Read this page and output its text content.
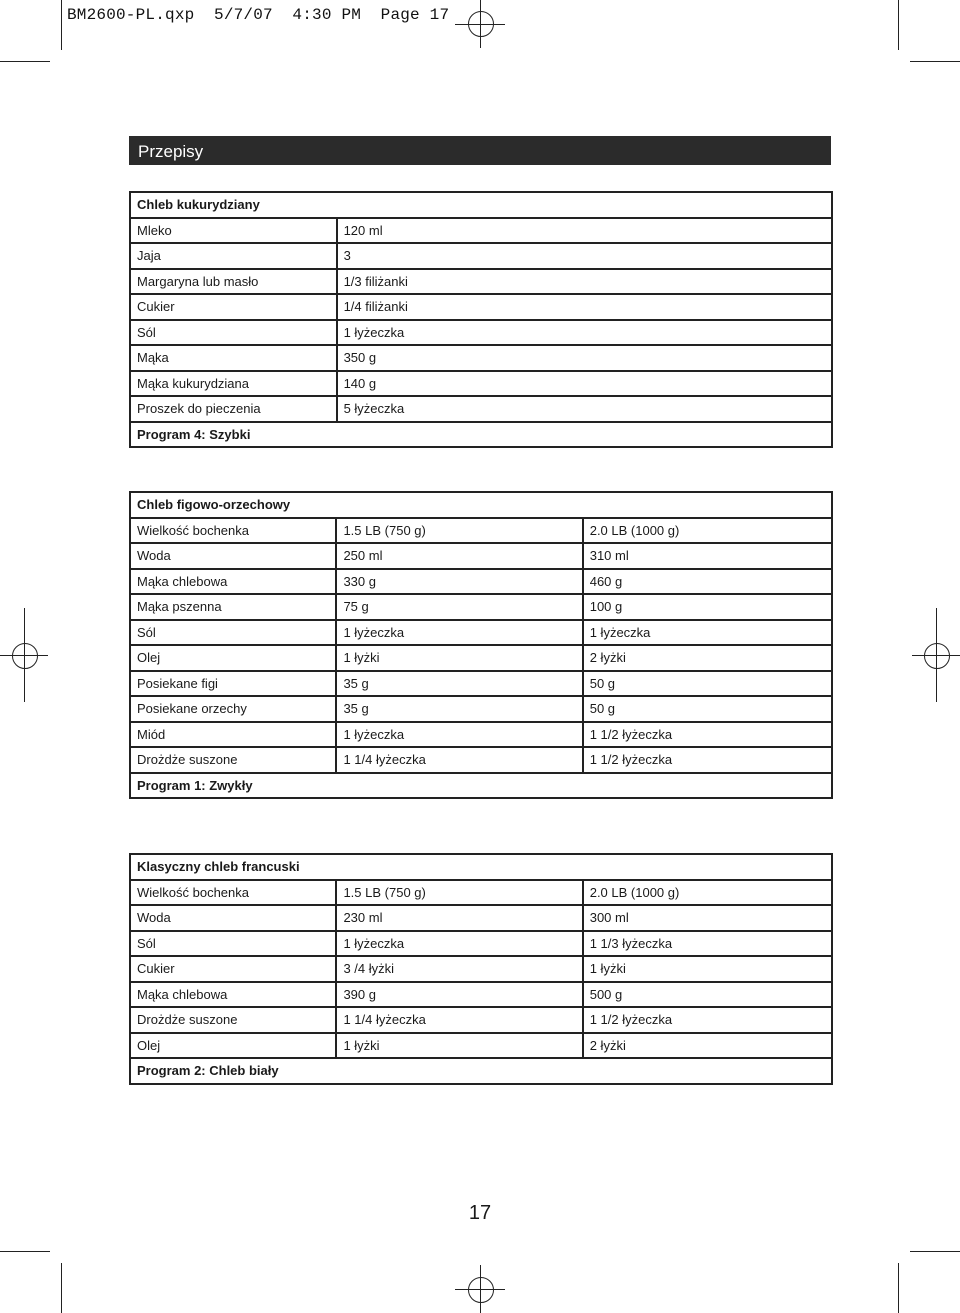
BM2600-PL.qxp  5/7/07  4:30 PM  Page 17
Przepisy
Chleb kukurydziany	
Mleko	120 ml
Jaja	3
Margaryna lub masło	1/3 filiżanki
Cukier	1/4 filiżanki
Sól	1 łyżeczka
Mąka	350 g
Mąka kukurydziana	140 g
Proszek do pieczenia	5 łyżeczka
Program 4: Szybki	
Chleb figowo-orzechowy		
Wielkość bochenka	1.5 LB (750 g)	2.0 LB (1000 g)
Woda	250 ml	310 ml
Mąka chlebowa	330 g	460 g
Mąka pszenna	75 g	100 g
Sól	1 łyżeczka	1 łyżeczka
Olej	1 łyżki	2 łyżki
Posiekane figi	35 g	50 g
Posiekane orzechy	35 g	50 g
Miód	1 łyżeczka	1 1/2 łyżeczka
Drożdże suszone	1 1/4 łyżeczka	1 1/2 łyżeczka
Program 1: Zwykły		
Klasyczny chleb francuski		
Wielkość bochenka	1.5 LB (750 g)	2.0 LB (1000 g)
Woda	230 ml	300 ml
Sól	1 łyżeczka	1 1/3 łyżeczka
Cukier	3 /4 łyżki	1 łyżki
Mąka chlebowa	390 g	500 g
Drożdże suszone	1 1/4 łyżeczka	1 1/2 łyżeczka
Olej	1 łyżki	2 łyżki
Program 2: Chleb biały		
17
